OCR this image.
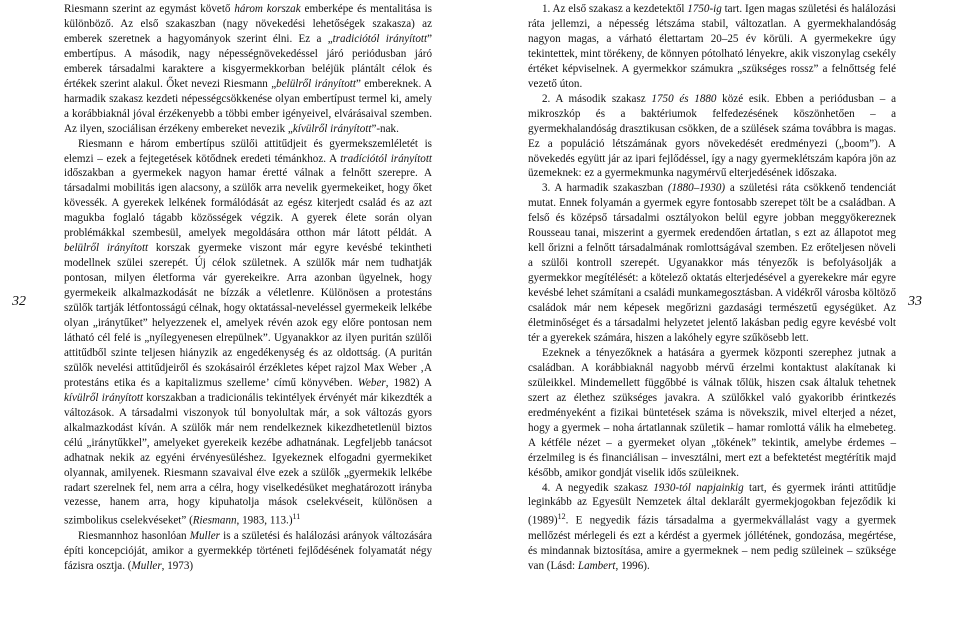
32	33

Riesmann szerint az egymást követő három korszak emberképe és mentalitása is különböző. Az első szakaszban (nagy növekedési lehetőségek szakasza) az emberek szeretnek a hagyományok szerint élni. Ez a „tradiciótól irányított” embertípus. A második, nagy népességnövekedéssel járó periódusban járó emberek társadalmi karaktere a kisgyermekkorban beléjük plántált célok és értékek szerint alakul. Őket nevezi Riesmann „belülről irányított” embereknek. A harmadik szakasz kezdeti népességcsökkenése olyan embertípust termel ki, amely a korábbiaknál jóval érzékenyebb a többi ember igényeivel, elvárásaival szemben. Az ilyen, szociálisan érzékeny embereket nevezik „kívülről irányított”-nak.

Riesmann e három embertípus szülői attitűdjeit és gyermekszemléletét is elemzi – ezek a fejtegetések kötődnek eredeti témánkhoz. A tradíciótól irányított időszakban a gyermekek nagyon hamar éretté válnak a felnőtt szerepre. A társadalmi mobilitás igen alacsony, a szülők arra nevelik gyermekeiket, hogy őket kövessék. A gyerekek lelkének formálódását az egész kiterjedt család és az azt magukba foglaló tágabb közösségek végzik. A gyerek élete során olyan problémákkal szembesül, amelyek megoldására otthon már látott példát. A belülről irányított korszak gyermeke viszont már egyre kevésbé tekintheti modellnek szülei szerepét. Új célok születnek. A szülők már nem tudhatják pontosan, milyen életforma vár gyerekeikre. Arra azonban ügyelnek, hogy gyermekeik alkalmazkodását ne bízzák a véletlenre. Különösen a protestáns szülők tartják létfontosságú célnak, hogy oktatással-neveléssel gyermekeik lelkébe olyan „iránytűket” helyezzenek el, amelyek révén azok egy előre pontosan nem látható cél felé is „nyílegyenesen elrepülnek”. Ugyanakkor az ilyen puritán szülői attitűdből szinte teljesen hiányzik az engedékenység és az oldottság. (A puritán szülők nevelési attitűdjeiről és szokásairól érzékletes képet rajzol Max Weber ‚A protestáns etika és a kapitalizmus szelleme’ című könyvében. Weber, 1982) A kívülről irányított korszakban a tradicionális tekintélyek érvényét már kikezdték a változások. A társadalmi viszonyok túl bonyolultak már, a sok változás gyors alkalmazkodást kíván. A szülők már nem rendelkeznek kikezdhetetlenül biztos célú „iránytűkkel”, amelyeket gyerekeik kezébe adhatnának. Legfeljebb tanácsot adhatnak nekik az egyéni érvényesüléshez. Igyekeznek elfogadni gyermekiket olyannak, amilyenek. Riesmann szavaival élve ezek a szülők „gyermekik lelkébe radart szerelnek fel, nem arra a célra, hogy viselkedésüket meghatározott irányba vezesse, hanem arra, hogy kipuhatolja mások cselekvéseit, különösen a szimbolikus cselekvéseket” (Riesmann, 1983, 113.)$^{11}$

Riesmannhoz hasonlóan Muller is a születési és halálozási arányok változására építi koncepcióját, amikor a gyermekkép történeti fejlődésének folyamatát négy fázisra osztja. (Muller, 1973)

1. Az első szakasz a kezdetektől 1750-ig tart. Igen magas születési és halálozási ráta jellemzi, a népesség létszáma stabil, változatlan. A gyermekhalandóság nagyon magas, a várható élettartam 20–25 év körüli. A gyermekekre úgy tekintettek, mint törékeny, de könnyen pótolható lényekre, akik viszonylag csekély értéket képviselnek. A gyermekkor számukra „szükséges rossz” a felnőttség felé vezető úton.

2. A második szakasz 1750 és 1880 közé esik. Ebben a periódusban – a mikroszkóp és a baktériumok felfedezésének köszönhetően – a gyermekhalandóság drasztikusan csökken, de a szülések száma továbbra is magas. Ez a populáció létszámának gyors növekedését eredményezi („boom”). A növekedés együtt jár az ipari fejlődéssel, így a nagy gyermeklétszám kapóra jön az üzemeknek: ez a gyermekmunka nagymérvű elterjedésének időszaka.

3. A harmadik szakaszban (1880–1930) a születési ráta csökkenő tendenciát mutat. Ennek folyamán a gyermek egyre fontosabb szerepet tölt be a családban. A felső és középső társadalmi osztályokon belül egyre jobban meggyökereznek Rousseau tanai, miszerint a gyermek eredendően ártatlan, s ezt az állapotot meg kell őrizni a felnőtt társadalmának romlottságával szemben. Ez erőteljesen növeli a szülői kontroll szerepét. Ugyanakkor más tényezők is befolyásolják a gyermekkor megítélését: a kötelező oktatás elterjedésével a gyerekekre már egyre kevésbé lehet számítani a családi munkamegosztásban. A vidékről városba költöző családok már nem képesek megőrizni gazdasági természetű egységüket. Az életminőséget és a társadalmi helyzetet jelentő lakásban pedig egyre kevésbé volt tér a gyerekek számára, hiszen a lakóhely egyre szűkösebb lett.

Ezeknek a tényezőknek a hatására a gyermek központi szerephez jutnak a családban. A korábbiaknál nagyobb mérvű érzelmi kontaktust alakítanak ki szüleikkel. Mindemellett függőbbé is válnak tőlük, hiszen csak általuk tehetnek szert az élethez szükséges javakra. A szülőkkel való gyakoribb érintkezés eredményeként a fizikai büntetések száma is növekszik, mivel elterjed a nézet, hogy a gyermek – noha ártatlannak születik – hamar romlottá válik ha elmebeteg. A kétféle nézet – a gyermeket olyan „tökének” tekintik, amelybe érdemes – érzelmileg is és financiálisan – invesztálni, mert ezt a befektetést megtérítik majd később, amikor gondját viselik idős szüleiknek.

4. A negyedik szakasz 1930-tól napjainkig tart, és gyermek iránti attitűdje leginkább az Egyesült Nemzetek által deklarált gyermekjogokban fejeződik ki $(1989)^{12}$. E negyedik fázis társadalma a gyermekvállalást vagy a gyermek mellőzést mérlegeli és ezt a kérdést a gyermek jóllétének, gondozása, megértése, és mindannak biztosítása, amire a gyermeknek – nem pedig szüleinek – szüksége van (Lásd: Lambert, 1996).
